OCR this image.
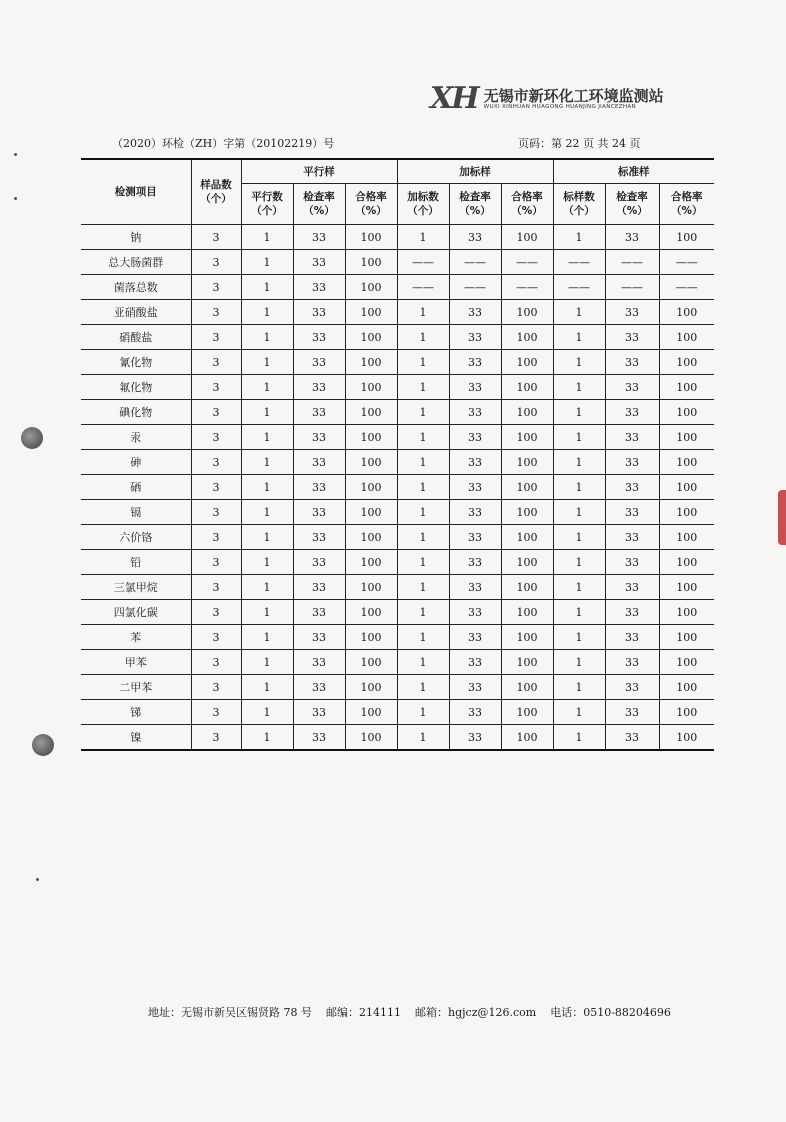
XH 无锡市新环化工环境监测站
WUXI XINHUAN HUAGONG HUANJING JIANCEZHAN
（2020）环检（ZH）字第（20102219）号	页码：第 22 页 共 24 页
检测项目	样品数（个）	平行样			加标样			标准样		
		平行数（个）	检查率（%）	合格率（%）	加标数（个）	检查率（%）	合格率（%）	标样数（个）	检查率（%）	合格率（%）
钠	3	1	33	100	1	33	100	1	33	100
总大肠菌群	3	1	33	100	——	——	——	——	——	——
菌落总数	3	1	33	100	——	——	——	——	——	——
亚硝酸盐	3	1	33	100	1	33	100	1	33	100
硝酸盐	3	1	33	100	1	33	100	1	33	100
氰化物	3	1	33	100	1	33	100	1	33	100
氟化物	3	1	33	100	1	33	100	1	33	100
碘化物	3	1	33	100	1	33	100	1	33	100
汞	3	1	33	100	1	33	100	1	33	100
砷	3	1	33	100	1	33	100	1	33	100
硒	3	1	33	100	1	33	100	1	33	100
镉	3	1	33	100	1	33	100	1	33	100
六价铬	3	1	33	100	1	33	100	1	33	100
铅	3	1	33	100	1	33	100	1	33	100
三氯甲烷	3	1	33	100	1	33	100	1	33	100
四氯化碳	3	1	33	100	1	33	100	1	33	100
苯	3	1	33	100	1	33	100	1	33	100
甲苯	3	1	33	100	1	33	100	1	33	100
二甲苯	3	1	33	100	1	33	100	1	33	100
锑	3	1	33	100	1	33	100	1	33	100
镍	3	1	33	100	1	33	100	1	33	100
地址：无锡市新吴区锡贤路 78 号 邮编：214111 邮箱：hgjcz@126.com 电话：0510-88204696
